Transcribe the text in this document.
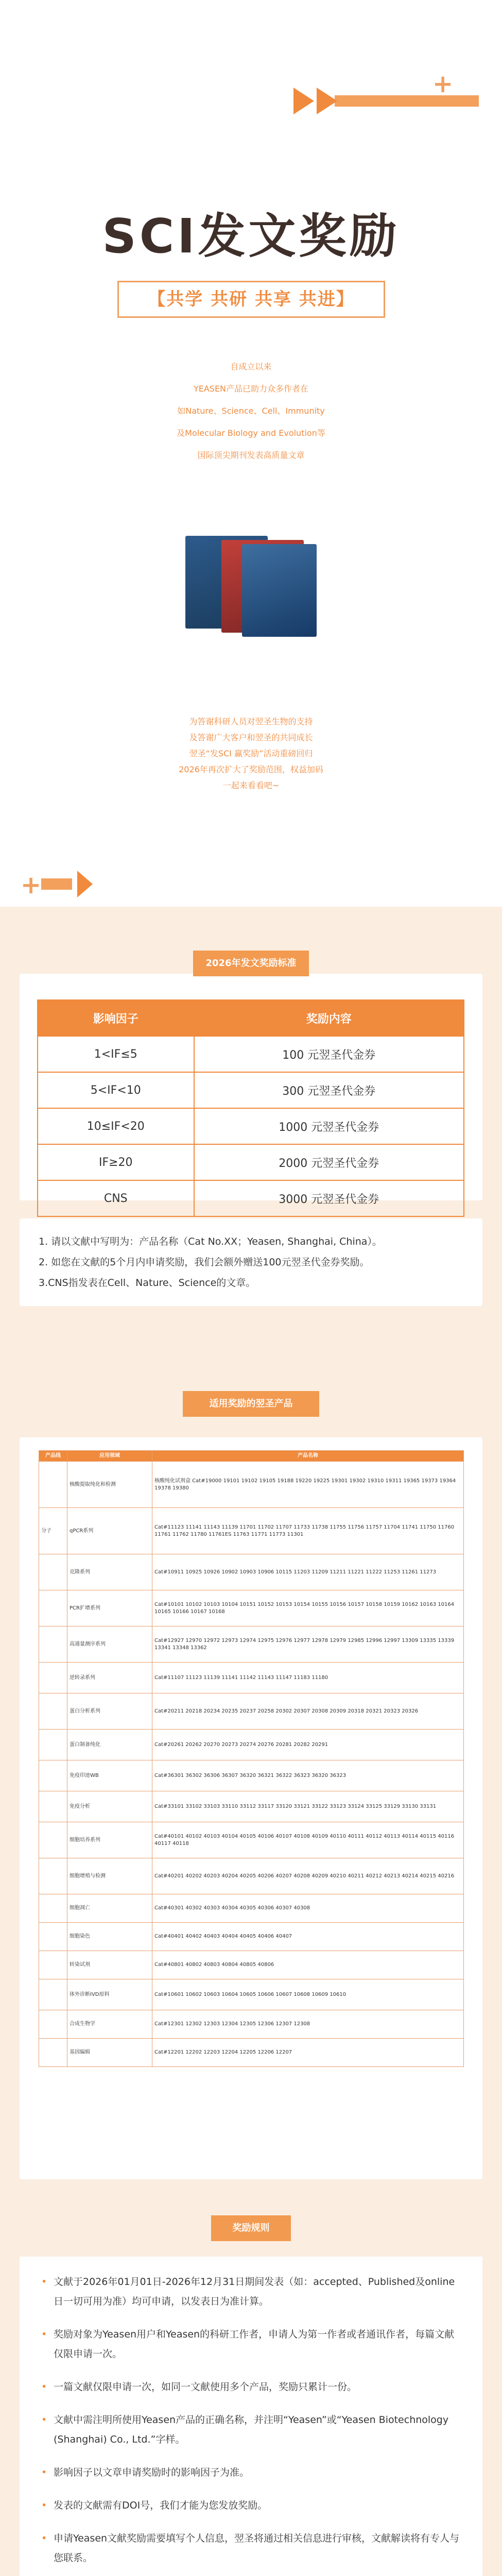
+
SCI发文奖励
【共学 共研 共享 共进】
自成立以来
YEASEN产品已助力众多作者在
如Nature、Science、Cell、Immunity
及Molecular Biology and Evolution等
国际顶尖期刊发表高质量文章
为答谢科研人员对翌圣生物的支持
及答谢广大客户和翌圣的共同成长
翌圣“发SCI 赢奖励”活动重磅回归
2026年再次扩大了奖励范围，权益加码
一起来看看吧~
+
2026年发文奖励标准
影响因子	奖励内容
1<IF≤5	100 元翌圣代金券
5<IF<10	300 元翌圣代金券
10≤IF<20	1000 元翌圣代金券
IF≥20	2000 元翌圣代金券
CNS	3000 元翌圣代金券
1. 请以文献中写明为：产品名称（Cat No.XX；Yeasen, Shanghai, China）。
2. 如您在文献的5个月内申请奖励，我们会额外赠送100元翌圣代金券奖励。
3.CNS指发表在Cell、Nature、Science的文章。
适用奖励的翌圣产品
产品线	应用领域	产品名称
	核酸提取纯化和检测	核酸纯化试剂盒 Cat#19000 19101 19102 19105 19188 19220 19225 19301 19302 19310 19311 19365 19373 19364 19378 19380
分子	qPCR系列	Cat#11123 11141 11143 11139 11701 11702 11707 11733 11738 11755 11756 11757 11704 11741 11750 11760 11761 11762 11780 11761ES 11763 11771 11773 11301
	克隆系列	Cat#10911 10925 10926 10902 10903 10906 10115 11203 11209 11211 11221 11222 11253 11261 11273
	PCR扩增系列	Cat#10101 10102 10103 10104 10151 10152 10153 10154 10155 10156 10157 10158 10159 10162 10163 10164 10165 10166 10167 10168
	高通量测序系列	Cat#12927 12970 12972 12973 12974 12975 12976 12977 12978 12979 12985 12996 12997 13309 13335 13339 13341 13348 13362
	逆转录系列	Cat#11107 11123 11139 11141 11142 11143 11147 11183 11180
	蛋白分析系列	Cat#20211 20218 20234 20235 20237 20258 20302 20307 20308 20309 20318 20321 20323 20326
	蛋白制备纯化	Cat#20261 20262 20270 20273 20274 20276 20281 20282 20291
	免疫印迹WB	Cat#36301 36302 36306 36307 36320 36321 36322 36323 36320 36323
	免疫分析	Cat#33101 33102 33103 33110 33112 33117 33120 33121 33122 33123 33124 33125 33129 33130 33131
	细胞培养系列	Cat#40101 40102 40103 40104 40105 40106 40107 40108 40109 40110 40111 40112 40113 40114 40115 40116 40117 40118
	细胞增殖与检测	Cat#40201 40202 40203 40204 40205 40206 40207 40208 40209 40210 40211 40212 40213 40214 40215 40216
	细胞凋亡	Cat#40301 40302 40303 40304 40305 40306 40307 40308
	细胞染色	Cat#40401 40402 40403 40404 40405 40406 40407
	转染试剂	Cat#40801 40802 40803 40804 40805 40806
	体外诊断IVD原料	Cat#10601 10602 10603 10604 10605 10606 10607 10608 10609 10610
	合成生物学	Cat#12301 12302 12303 12304 12305 12306 12307 12308
	基因编辑	Cat#12201 12202 12203 12204 12205 12206 12207
奖励规则
• 文献于2026年01月01日-2026年12月31日期间发表（如：accepted、Published及online日一切可用为准）均可申请，以发表日为准计算。
• 奖励对象为Yeasen用户和Yeasen的科研工作者，申请人为第一作者或者通讯作者，每篇文献仅限申请一次。
• 一篇文献仅限申请一次，如同一文献使用多个产品，奖励只累计一份。
• 文献中需注明所使用Yeasen产品的正确名称，并注明“Yeasen”或“Yeasen Biotechnology (Shanghai) Co., Ltd.”字样。
• 影响因子以文章申请奖励时的影响因子为准。
• 发表的文献需有DOI号，我们才能为您发放奖励。
• 申请Yeasen文献奖励需要填写个人信息，翌圣将通过相关信息进行审核，文献解读将有专人与您联系。
